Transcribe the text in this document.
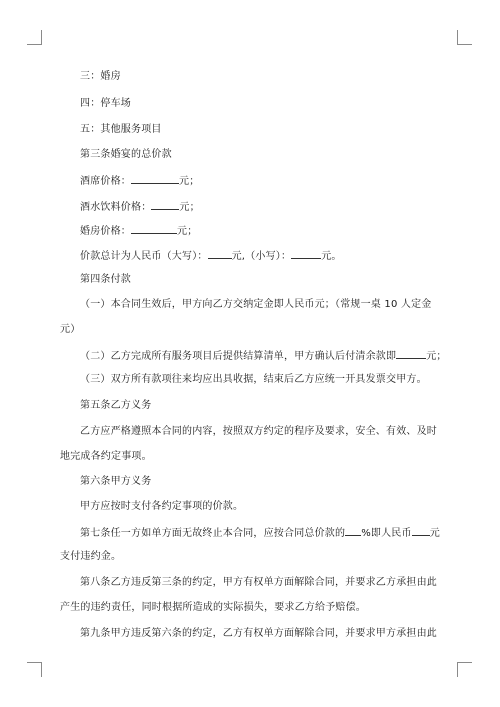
三：婚房
四：停车场
五：其他服务项目
第三条婚宴的总价款
酒席价格：	元；
酒水饮料价格：	元；
婚房价格：	元；
价款总计为人民币（大写）： 元,（小写）：	元。
第四条付款
（一）本合同生效后，甲方向乙方交纳定金即人民币元；（常规一桌 10 人定金
元）
（二）乙方完成所有服务项目后提供结算清单，甲方确认后付清余款即	元；
（三）双方所有款项往来均应出具收据，结束后乙方应统一开具发票交甲方。
第五条乙方义务
乙方应严格遵照本合同的内容，按照双方约定的程序及要求，安全、有效、及时
地完成各约定事项。
第六条甲方义务
甲方应按时支付各约定事项的价款。
第七条任一方如单方面无故终止本合同，应按合同总价款的 %即人民币 元
支付违约金。
第八条乙方违反第三条的约定，甲方有权单方面解除合同，并要求乙方承担由此
产生的违约责任，同时根据所造成的实际损失，要求乙方给予赔偿。
第九条甲方违反第六条的约定，乙方有权单方面解除合同，并要求甲方承担由此
